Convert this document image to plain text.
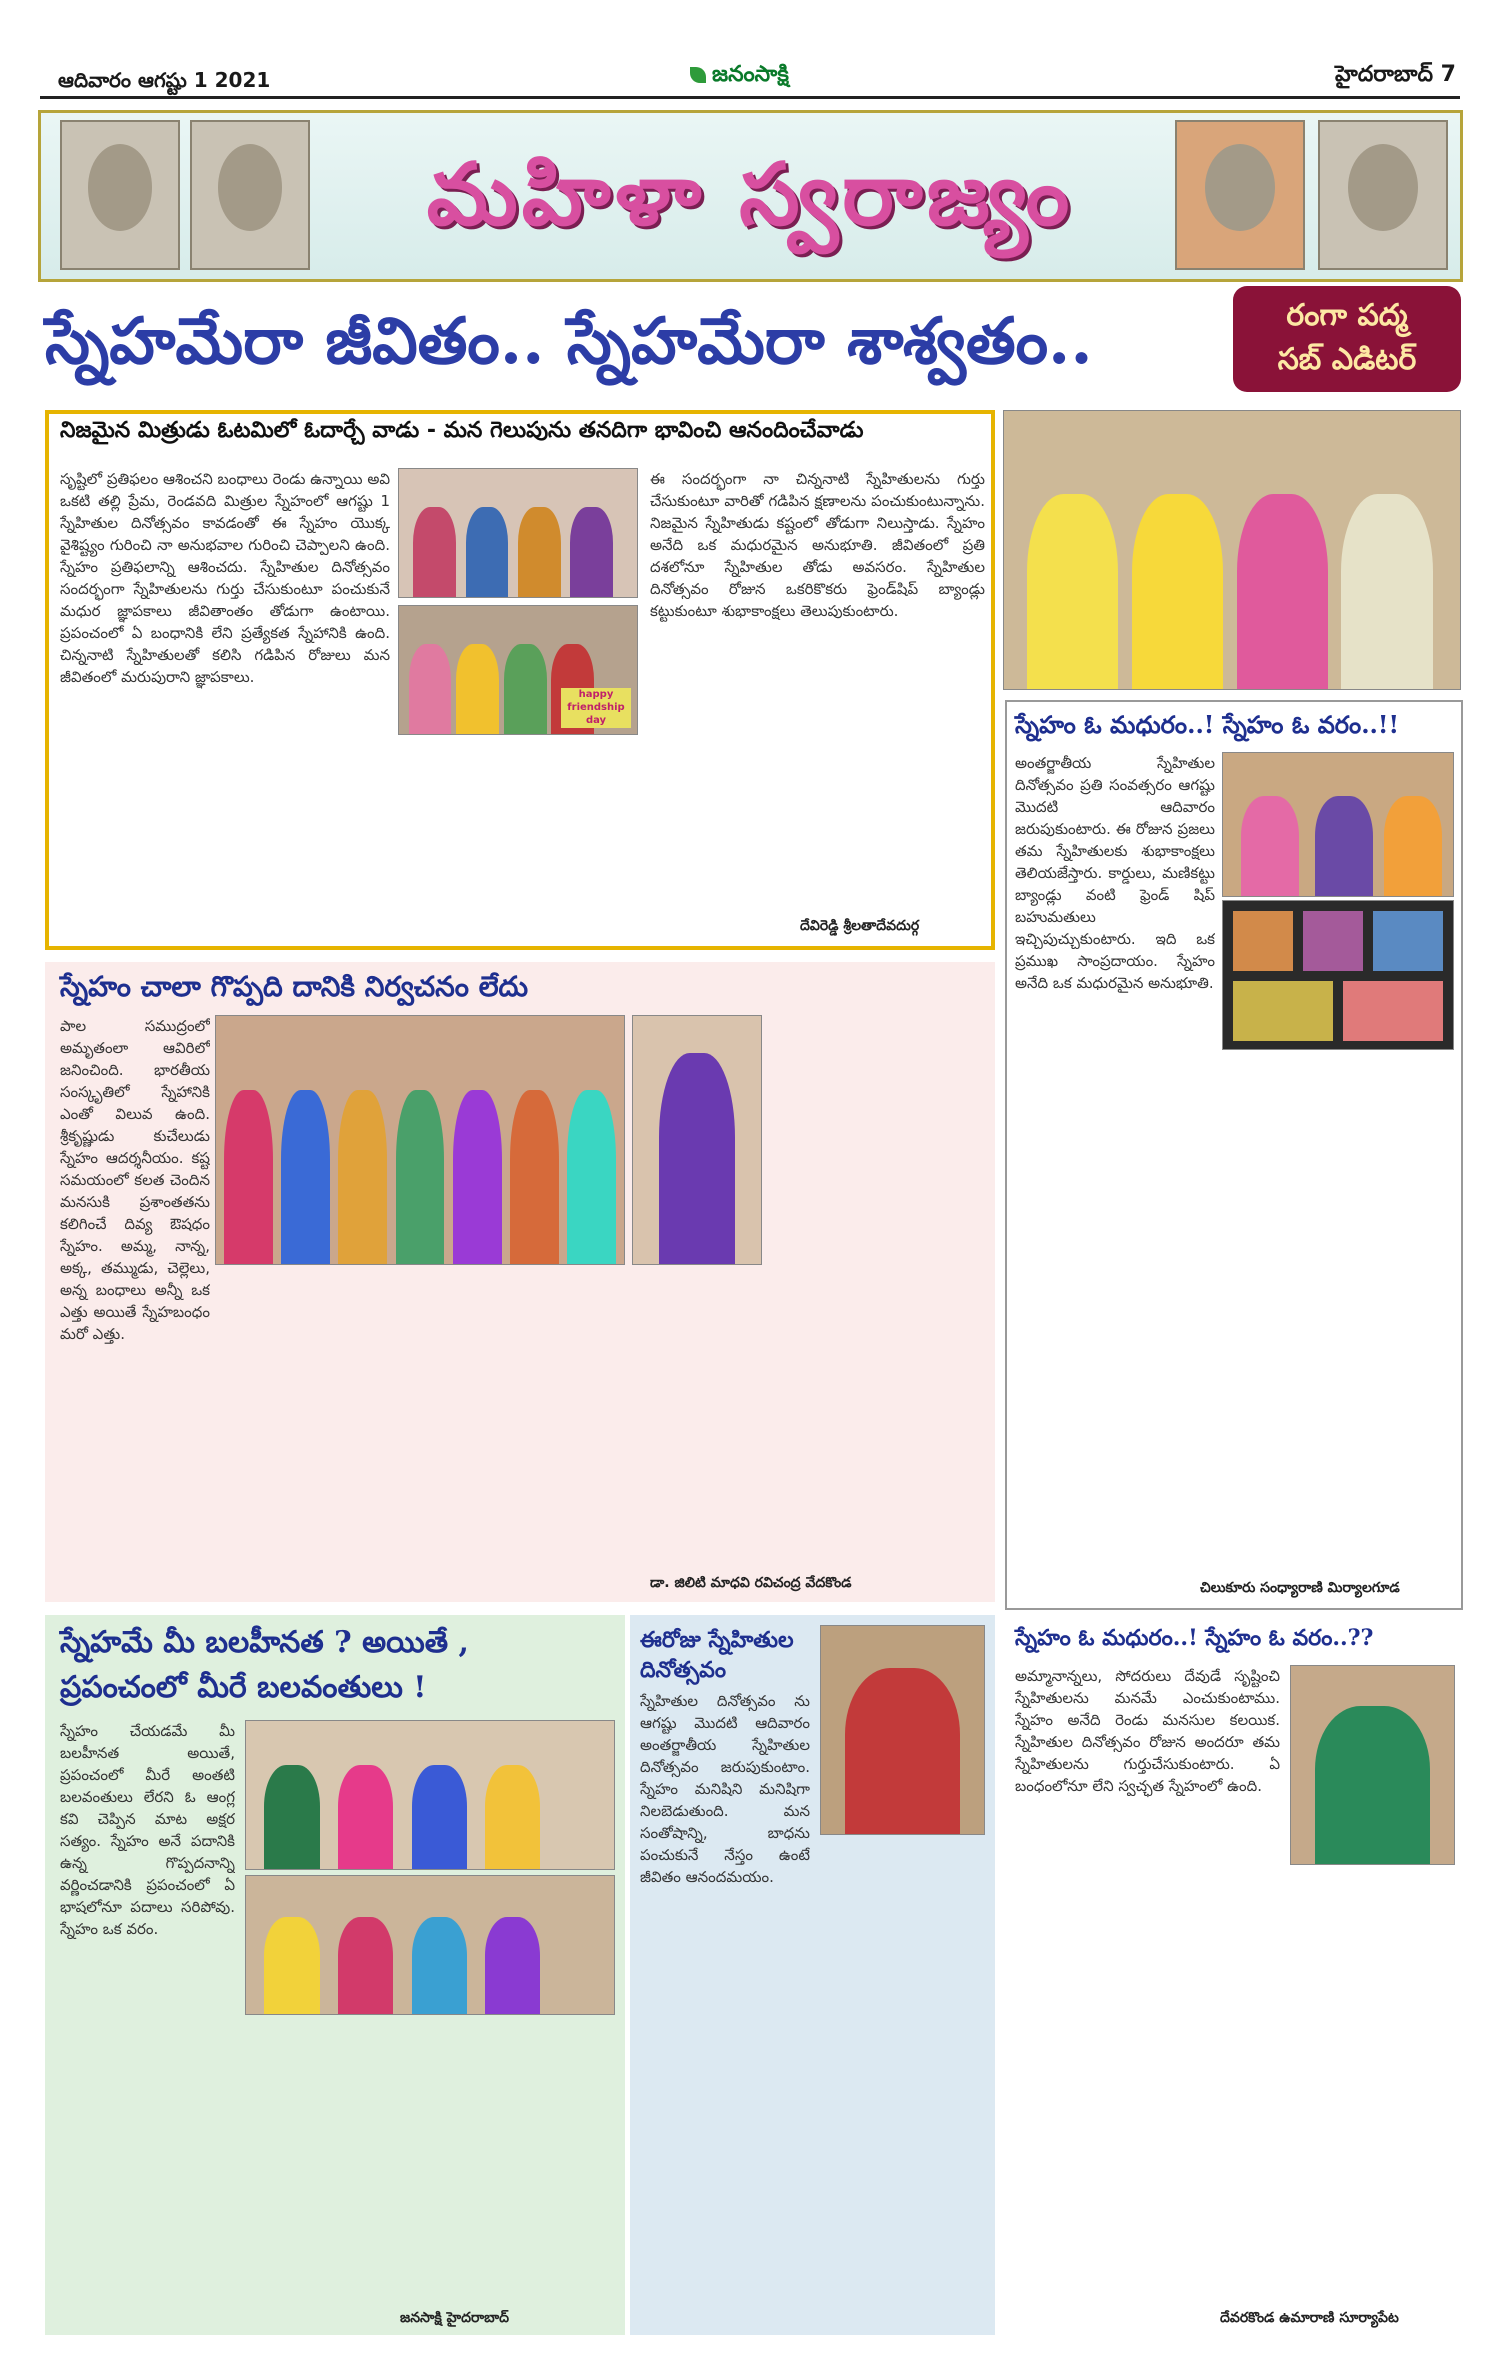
ఆదివారం ఆగష్టు 1 2021	జనంసాక్షి	హైదరాబాద్ 7
మహిళా స్వరాజ్యం
స్నేహమేరా జీవితం.. స్నేహమేరా శాశ్వతం..	రంగా పద్మ
సబ్ ఎడిటర్
నిజమైన మిత్రుడు ఓటమిలో ఓదార్చే వాడు - మన గెలుపును తనదిగా భావించి ఆనందించేవాడు
సృష్టిలో ప్రతిఫలం ఆశించని బంధాలు రెండు ఉన్నాయి అవి ఒకటి తల్లి ప్రేమ, రెండవది మిత్రుల స్నేహంలో ఆగష్టు 1 స్నేహితుల దినోత్సవం కావడంతో ఈ స్నేహం యొక్క వైశిష్ట్యం గురించి నా అనుభవాల గురించి చెప్పాలని ఉంది. స్నేహం ప్రతిఫలాన్ని ఆశించదు. స్నేహితుల దినోత్సవం సందర్భంగా స్నేహితులను గుర్తు చేసుకుంటూ పంచుకునే మధుర జ్ఞాపకాలు జీవితాంతం తోడుగా ఉంటాయి. ప్రపంచంలో ఏ బంధానికి లేని ప్రత్యేకత స్నేహానికి ఉంది. చిన్ననాటి స్నేహితులతో కలిసి గడిపిన రోజులు మన జీవితంలో మరుపురాని జ్ఞాపకాలు.
happy friendship day
ఈ సందర్భంగా నా చిన్ననాటి స్నేహితులను గుర్తు చేసుకుంటూ వారితో గడిపిన క్షణాలను పంచుకుంటున్నాను. నిజమైన స్నేహితుడు కష్టంలో తోడుగా నిలుస్తాడు. స్నేహం అనేది ఒక మధురమైన అనుభూతి. జీవితంలో ప్రతి దశలోనూ స్నేహితుల తోడు అవసరం. స్నేహితుల దినోత్సవం రోజున ఒకరికొకరు ఫ్రెండ్‌షిప్ బ్యాండ్లు కట్టుకుంటూ శుభాకాంక్షలు తెలుపుకుంటారు.
దేవిరెడ్డి శ్రీలతాదేవదుర్గ
స్నేహం ఓ మధురం..! స్నేహం ఓ వరం..!!
అంతర్జాతీయ స్నేహితుల దినోత్సవం ప్రతి సంవత్సరం ఆగష్టు మొదటి ఆదివారం జరుపుకుంటారు. ఈ రోజున ప్రజలు తమ స్నేహితులకు శుభాకాంక్షలు తెలియజేస్తారు. కార్డులు, మణికట్టు బ్యాండ్లు వంటి ఫ్రెండ్ షిప్ బహుమతులు ఇచ్చిపుచ్చుకుంటారు. ఇది ఒక ప్రముఖ సాంప్రదాయం. స్నేహం అనేది ఒక మధురమైన అనుభూతి.
చిలుకూరు సంధ్యారాణి మిర్యాలగూడ
స్నేహం చాలా గొప్పది దానికి నిర్వచనం లేదు
పాల సముద్రంలో అమృతంలా ఆవిరిలో జనించింది. భారతీయ సంస్కృతిలో స్నేహానికి ఎంతో విలువ ఉంది. శ్రీకృష్ణుడు కుచేలుడు స్నేహం ఆదర్శనీయం. కష్ట సమయంలో కలత చెందిన మనసుకి ప్రశాంతతను కలిగించే దివ్య ఔషధం స్నేహం. అమ్మ, నాన్న, అక్క, తమ్ముడు, చెల్లెలు, అన్న బంధాలు అన్నీ ఒక ఎత్తు అయితే స్నేహబంధం మరో ఎత్తు.
డా. జిలిటి మాధవి రవిచంద్ర వేదకొండ
స్నేహమే మీ బలహీనత ? అయితే ,
ప్రపంచంలో మీరే బలవంతులు !
స్నేహం చేయడమే మీ బలహీనత అయితే, ప్రపంచంలో మీరే అంతటి బలవంతులు లేరని ఓ ఆంగ్ల కవి చెప్పిన మాట అక్షర సత్యం. స్నేహం అనే పదానికి ఉన్న గొప్పదనాన్ని వర్ణించడానికి ప్రపంచంలో ఏ భాషలోనూ పదాలు సరిపోవు. స్నేహం ఒక వరం.
జనసాక్షి హైదరాబాద్
ఈరోజు స్నేహితుల దినోత్సవం
స్నేహితుల దినోత్సవం ను ఆగష్టు మొదటి ఆదివారం అంతర్జాతీయ స్నేహితుల దినోత్సవం జరుపుకుంటాం. స్నేహం మనిషిని మనిషిగా నిలబెడుతుంది. మన సంతోషాన్ని, బాధను పంచుకునే నేస్తం ఉంటే జీవితం ఆనందమయం.
స్నేహం ఓ మధురం..! స్నేహం ఓ వరం..??
అమ్మానాన్నలు, సోదరులు దేవుడే సృష్టించి స్నేహితులను మనమే ఎంచుకుంటాము. స్నేహం అనేది రెండు మనసుల కలయిక. స్నేహితుల దినోత్సవం రోజున అందరూ తమ స్నేహితులను గుర్తుచేసుకుంటారు. ఏ బంధంలోనూ లేని స్వచ్ఛత స్నేహంలో ఉంది.
దేవరకొండ ఉమారాణి సూర్యాపేట
